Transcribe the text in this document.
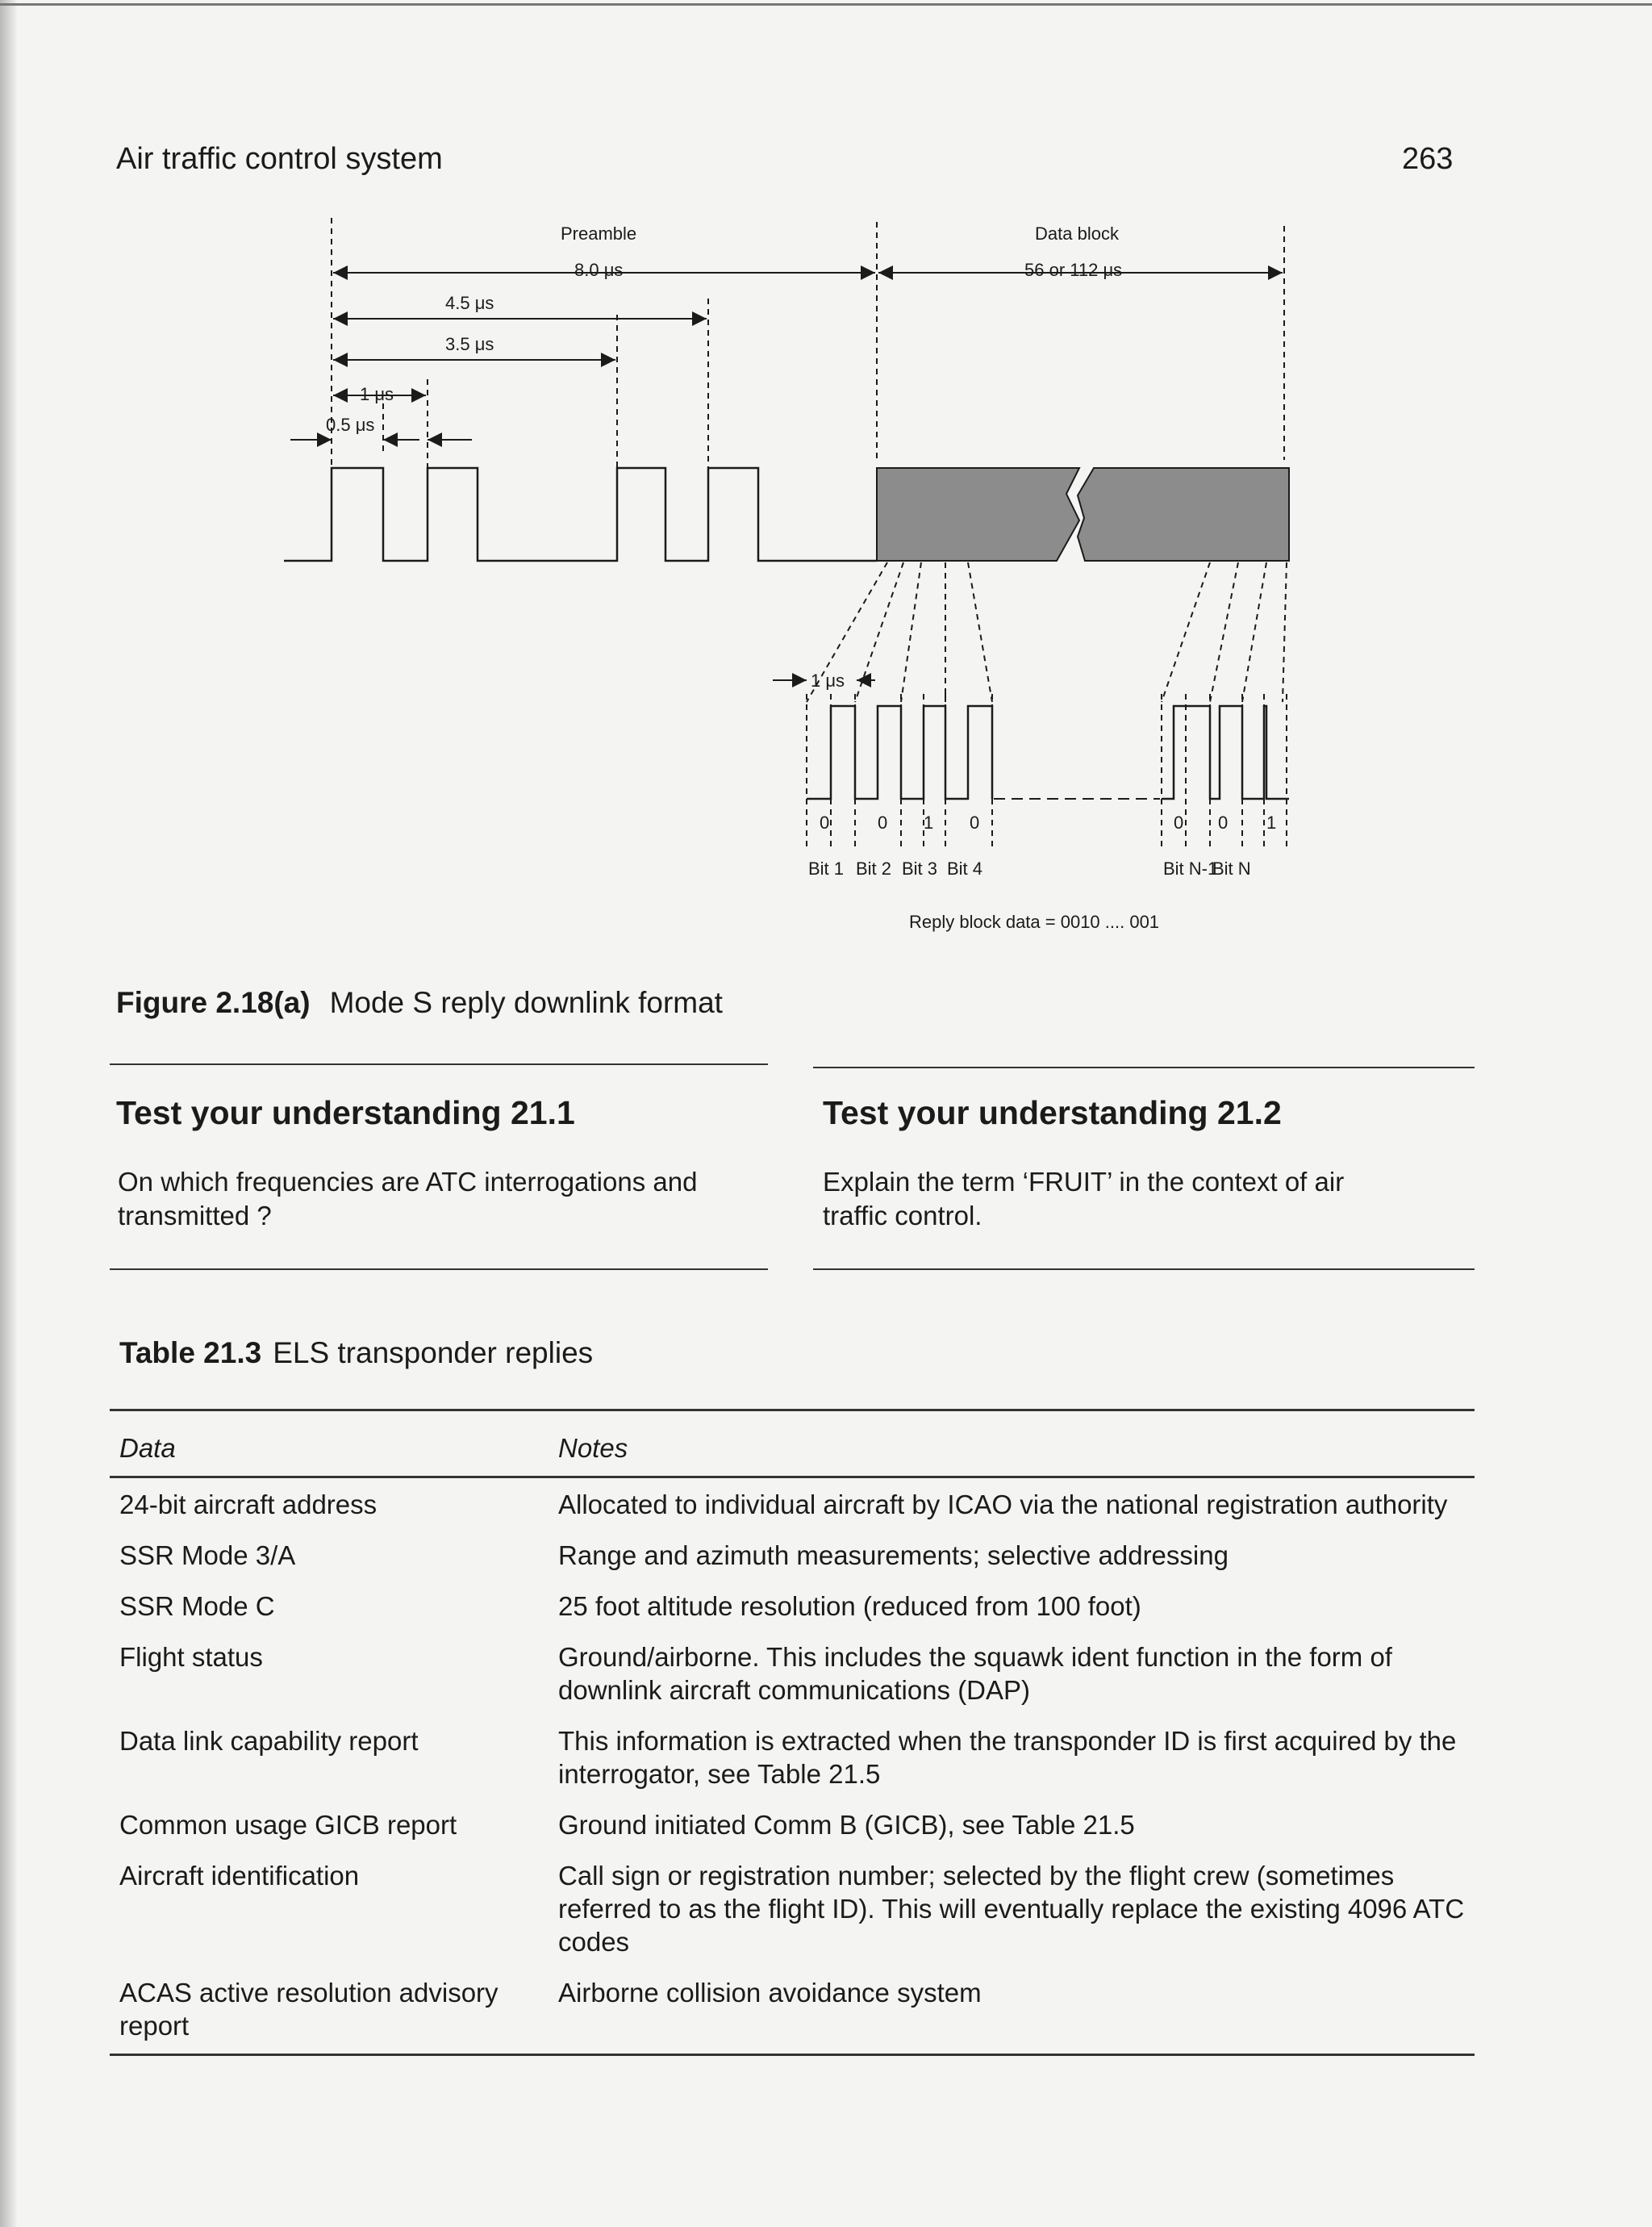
Air traffic control system	263
Preamble
8.0 μs
Data block
56 or 112 μs
4.5 μs
3.5 μs
1 μs
0.5 μs
1 μs
0	0 1 0	0 0 1
Bit 1 Bit 2 Bit 3 Bit 4	Bit N-1
Bit N
Reply block data = 0010 .... 001
Figure 2.18(a) Mode S reply downlink format
Test your understanding 21.1
On which frequencies are ATC interrogations and transmitted ?
Test your understanding 21.2
Explain the term ‘FRUIT’ in the context of air traffic control.
Table 21.3 ELS transponder replies
Data	Notes
24-bit aircraft address	Allocated to individual aircraft by ICAO via the national registration authority
SSR Mode 3/A	Range and azimuth measurements; selective addressing
SSR Mode C	25 foot altitude resolution (reduced from 100 foot)
Flight status	Ground/airborne. This includes the squawk ident function in the form of downlink aircraft communications (DAP)
Data link capability report	This information is extracted when the transponder ID is first acquired by the interrogator, see Table 21.5
Common usage GICB report	Ground initiated Comm B (GICB), see Table 21.5
Aircraft identification	Call sign or registration number; selected by the flight crew (sometimes referred to as the flight ID). This will eventually replace the existing 4096 ATC codes
ACAS active resolution advisory report	Airborne collision avoidance system
